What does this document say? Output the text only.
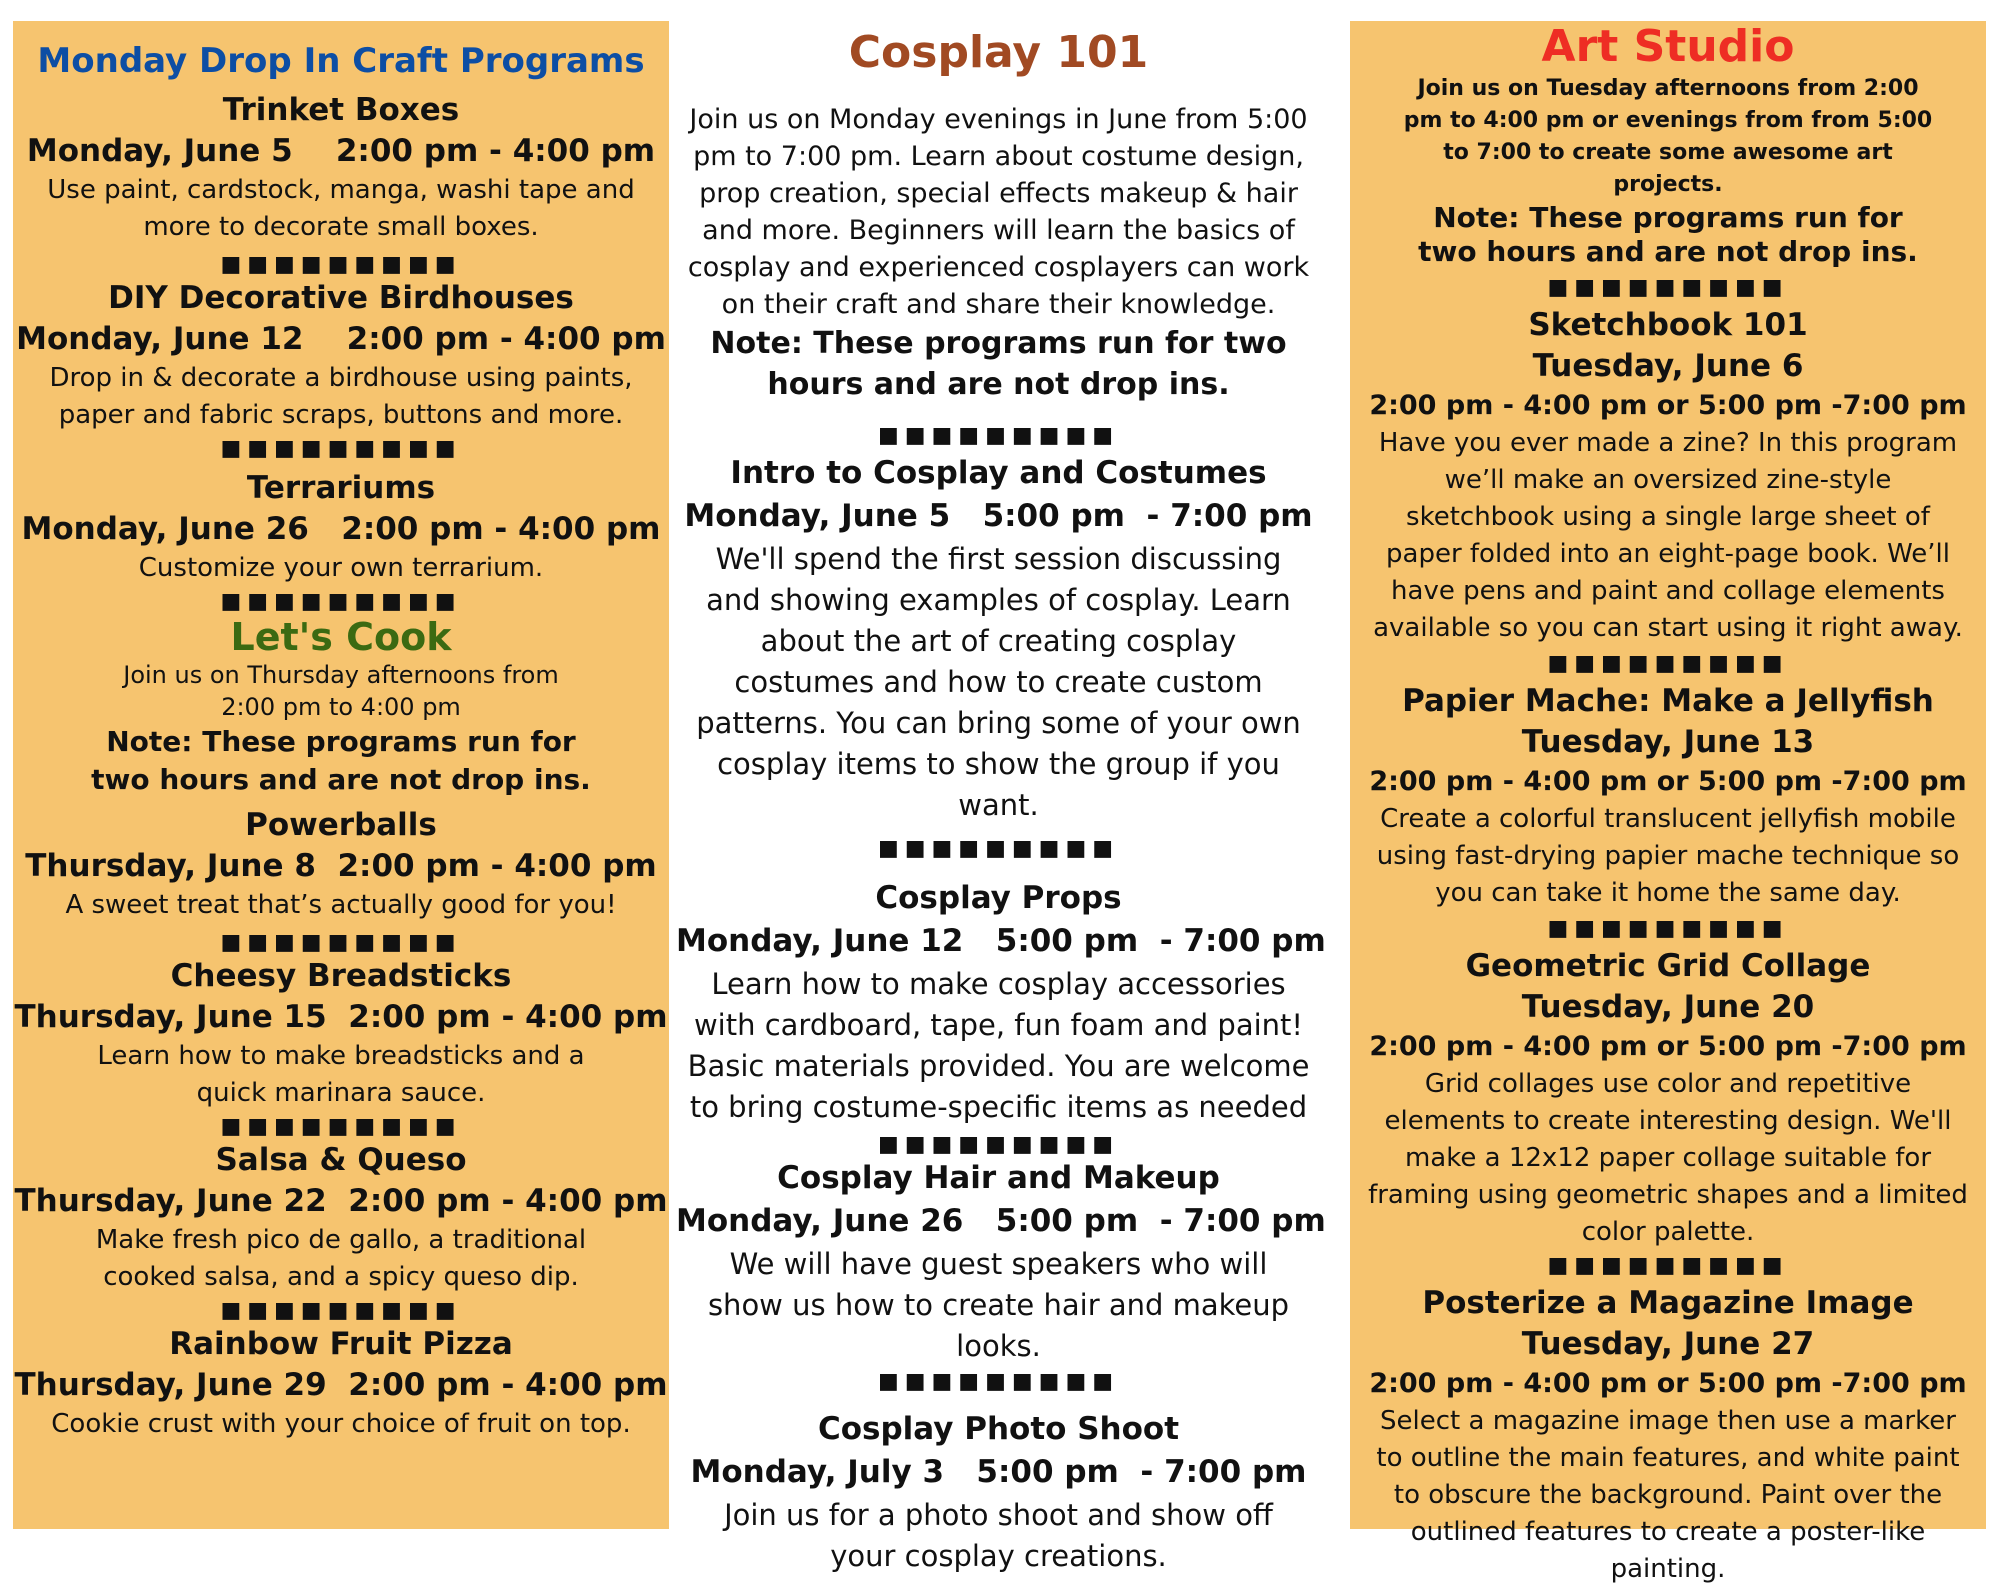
Monday Drop In Craft Programs
Trinket Boxes
Monday, June 5    2:00 pm - 4:00 pm
Use paint, cardstock, manga, washi tape and more to decorate small boxes.
■■■■■■■■■
DIY Decorative Birdhouses
Monday, June 12    2:00 pm - 4:00 pm
Drop in & decorate a birdhouse using paints, paper and fabric scraps, buttons and more.
■■■■■■■■■
Terrariums
Monday, June 26   2:00 pm - 4:00 pm
Customize your own terrarium.
■■■■■■■■■
Let's Cook
Join us on Thursday afternoons from
2:00 pm to 4:00 pm
Note: These programs run for two hours and are not drop ins.
Powerballs
Thursday, June 8  2:00 pm - 4:00 pm
A sweet treat that’s actually good for you!
■■■■■■■■■
Cheesy Breadsticks
Thursday, June 15  2:00 pm - 4:00 pm
Learn how to make breadsticks and a quick marinara sauce.
■■■■■■■■■
Salsa & Queso
Thursday, June 22  2:00 pm - 4:00 pm
Make fresh pico de gallo, a traditional cooked salsa, and a spicy queso dip.
■■■■■■■■■
Rainbow Fruit Pizza
Thursday, June 29  2:00 pm - 4:00 pm
Cookie crust with your choice of fruit on top.
Cosplay 101
Join us on Monday evenings in June from 5:00 pm to 7:00 pm. Learn about costume design, prop creation, special effects makeup & hair and more. Beginners will learn the basics of cosplay and experienced cosplayers can work on their craft and share their knowledge.
Note: These programs run for two hours and are not drop ins.
■■■■■■■■■
Intro to Cosplay and Costumes
Monday, June 5   5:00 pm  - 7:00 pm
We'll spend the first session discussing and showing examples of cosplay. Learn about the art of creating cosplay costumes and how to create custom patterns. You can bring some of your own cosplay items to show the group if you want.
■■■■■■■■■
Cosplay Props
Monday, June 12   5:00 pm  - 7:00 pm
Learn how to make cosplay accessories with cardboard, tape, fun foam and paint! Basic materials provided. You are welcome to bring costume-specific items as needed
■■■■■■■■■
Cosplay Hair and Makeup
Monday, June 26   5:00 pm  - 7:00 pm
We will have guest speakers who will show us how to create hair and makeup looks.
■■■■■■■■■
Cosplay Photo Shoot
Monday, July 3   5:00 pm  - 7:00 pm
Join us for a photo shoot and show off your cosplay creations.
Art Studio
Join us on Tuesday afternoons from 2:00 pm to 4:00 pm or evenings from from 5:00 to 7:00 to create some awesome art projects.
Note: These programs run for two hours and are not drop ins.
■■■■■■■■■
Sketchbook 101
Tuesday, June 6
2:00 pm - 4:00 pm or 5:00 pm -7:00 pm
Have you ever made a zine? In this program we’ll make an oversized zine-style sketchbook using a single large sheet of paper folded into an eight-page book. We’ll have pens and paint and collage elements available so you can start using it right away.
■■■■■■■■■
Papier Mache: Make a Jellyfish
Tuesday, June 13
2:00 pm - 4:00 pm or 5:00 pm -7:00 pm
Create a colorful translucent jellyfish mobile using fast-drying papier mache technique so you can take it home the same day.
■■■■■■■■■
Geometric Grid Collage
Tuesday, June 20
2:00 pm - 4:00 pm or 5:00 pm -7:00 pm
Grid collages use color and repetitive elements to create interesting design. We'll make a 12x12 paper collage suitable for framing using geometric shapes and a limited color palette.
■■■■■■■■■
Posterize a Magazine Image
Tuesday, June 27
2:00 pm - 4:00 pm or 5:00 pm -7:00 pm
Select a magazine image then use a marker to outline the main features, and white paint to obscure the background. Paint over the outlined features to create a poster-like painting.
